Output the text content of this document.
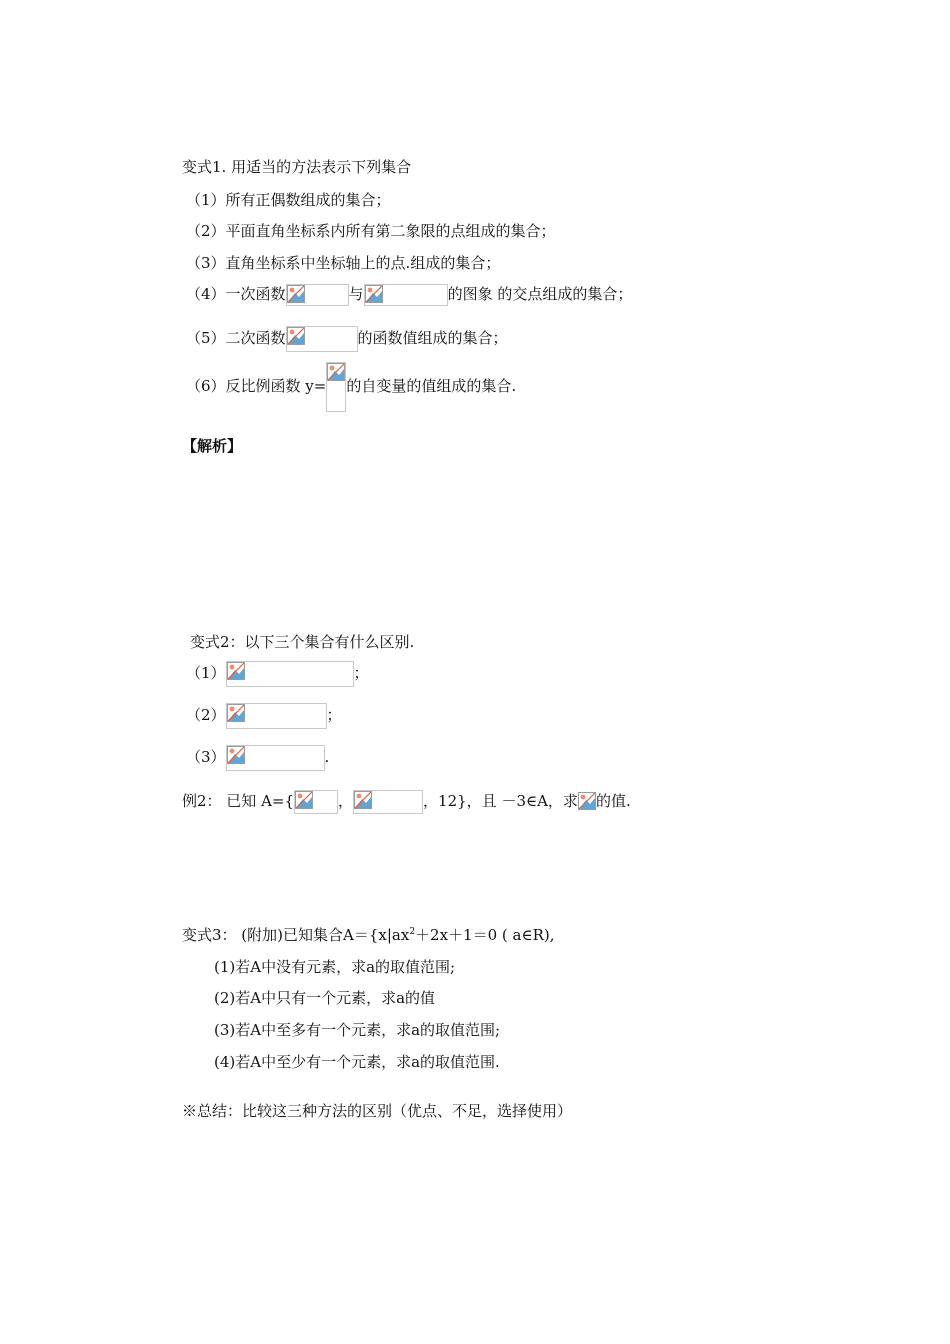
变式1. 用适当的方法表示下列集合
（1）所有正偶数组成的集合；
（2）平面直角坐标系内所有第二象限的点组成的集合；
（3）直角坐标系中坐标轴上的点.组成的集合；
（4）一次函数	与	的图象 的交点组成的集合；
（5）二次函数	的函数值组成的集合；
（6）反比例函数 y= 的自变量的值组成的集合.
【解析】
变式2：以下三个集合有什么区别.
（1）	；
（2）	；
（3）	.
例2： 已知 A={	，	，12}，且 －3∈A，求 的值.
变式3： (附加)已知集合$A=\{x|ax^2+2x+1=0$ ( a∈R),
(1)若A中没有元素，求a的取值范围;
(2)若A中只有一个元素，求a的值
(3)若A中至多有一个元素，求a的取值范围;
(4)若A中至少有一个元素，求a的取值范围.
※总结：比较这三种方法的区别（优点、不足，选择使用）
